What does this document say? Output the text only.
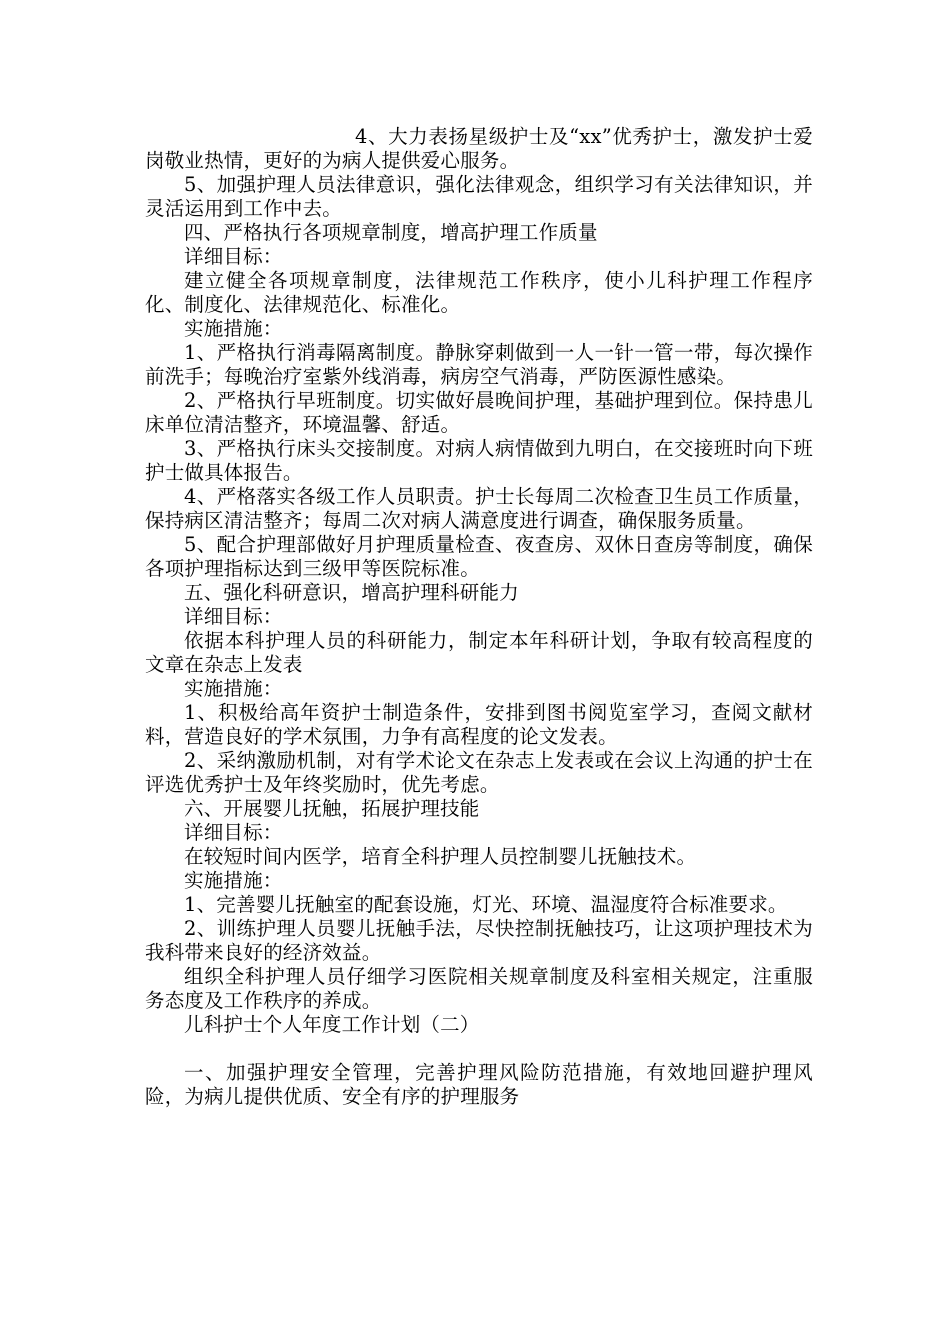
4、大力表扬星级护士及“xx”优秀护士，激发护士爱岗敬业热情，更好的为病人提供爱心服务。

5、加强护理人员法律意识，强化法律观念，组织学习有关法律知识，并灵活运用到工作中去。

四、严格执行各项规章制度，增高护理工作质量

详细目标：

建立健全各项规章制度，法律规范工作秩序，使小儿科护理工作程序化、制度化、法律规范化、标准化。

实施措施：

1、严格执行消毒隔离制度。静脉穿刺做到一人一针一管一带，每次操作前洗手；每晚治疗室紫外线消毒，病房空气消毒，严防医源性感染。

2、严格执行早班制度。切实做好晨晚间护理，基础护理到位。保持患儿床单位清洁整齐，环境温馨、舒适。

3、严格执行床头交接制度。对病人病情做到九明白，在交接班时向下班护士做具体报告。

4、严格落实各级工作人员职责。护士长每周二次检查卫生员工作质量，保持病区清洁整齐；每周二次对病人满意度进行调查，确保服务质量。

5、配合护理部做好月护理质量检查、夜查房、双休日查房等制度，确保各项护理指标达到三级甲等医院标准。

五、强化科研意识，增高护理科研能力

详细目标：

依据本科护理人员的科研能力，制定本年科研计划，争取有较高程度的文章在杂志上发表

实施措施：

1、积极给高年资护士制造条件，安排到图书阅览室学习，查阅文献材料，营造良好的学术氛围，力争有高程度的论文发表。

2、采纳激励机制，对有学术论文在杂志上发表或在会议上沟通的护士在评选优秀护士及年终奖励时，优先考虑。

六、开展婴儿抚触，拓展护理技能

详细目标：

在较短时间内医学，培育全科护理人员控制婴儿抚触技术。

实施措施：

1、完善婴儿抚触室的配套设施，灯光、环境、温湿度符合标准要求。

2、训练护理人员婴儿抚触手法，尽快控制抚触技巧，让这项护理技术为我科带来良好的经济效益。

组织全科护理人员仔细学习医院相关规章制度及科室相关规定，注重服务态度及工作秩序的养成。

儿科护士个人年度工作计划（二）

一、加强护理安全管理，完善护理风险防范措施，有效地回避护理风险，为病儿提供优质、安全有序的护理服务
